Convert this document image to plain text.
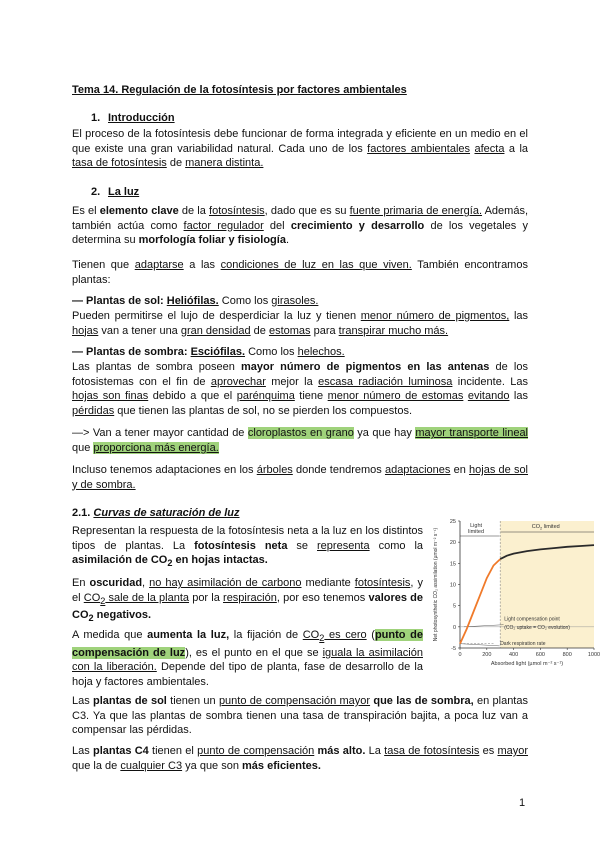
Tema 14. Regulación de la fotosíntesis por factores ambientales
1. Introducción
El proceso de la fotosíntesis debe funcionar de forma integrada y eficiente en un medio en el que existe una gran variabilidad natural. Cada uno de los factores ambientales afecta a la tasa de fotosíntesis de manera distinta.
2. La luz
Es el elemento clave de la fotosíntesis, dado que es su fuente primaria de energía. Además, también actúa como factor regulador del crecimiento y desarrollo de los vegetales y determina su morfología foliar y fisiología.
Tienen que adaptarse a las condiciones de luz en las que viven. También encontramos plantas:
— Plantas de sol: Heliófilas. Como los girasoles.
Pueden permitirse el lujo de desperdiciar la luz y tienen menor número de pigmentos, las hojas van a tener una gran densidad de estomas para transpirar mucho más.
— Plantas de sombra: Esciófilas. Como los helechos.
Las plantas de sombra poseen mayor número de pigmentos en las antenas de los fotosistemas con el fin de aprovechar mejor la escasa radiación luminosa incidente. Las hojas son finas debido a que el parénquima tiene menor número de estomas evitando las pérdidas que tienen las plantas de sol, no se pierden los compuestos.
—> Van a tener mayor cantidad de cloroplastos en grano ya que hay mayor transporte lineal que proporciona más energía.
Incluso tenemos adaptaciones en los árboles donde tendremos adaptaciones en hojas de sol y de sombra.
2.1. Curvas de saturación de luz
Representan la respuesta de la fotosíntesis neta a la luz en los distintos tipos de plantas. La fotosíntesis neta se representa como la asimilación de $CO_2$ en hojas intactas.
En oscuridad, no hay asimilación de carbono mediante fotosíntesis, y el $CO_2$ sale de la planta por la respiración, por eso tenemos valores de $CO_2$ negativos.
A medida que aumenta la luz, la fijación de $CO_2$ es cero (punto de compensación de luz), es el punto en el que se iguala la asimilación con la liberación. Depende del tipo de planta, fase de desarrollo de la hoja y factores ambientales.
Las plantas de sol tienen un punto de compensación mayor que las de sombra, en plantas C3. Ya que las plantas de sombra tienen una tasa de transpiración bajita, a poca luz van a compensar las pérdidas.
Las plantas C4 tienen el punto de compensación más alto. La tasa de fotosíntesis es mayor que la de cualquier C3 ya que son más eficientes.
-5
0
5
10
15
20
25
0	200	400	600	800	1000
Light
limited
$CO_2$ limited
Light compensation point
(CO₂ uptake = CO₂ evolution)
Dark respiration rate
Absorbed light (µmol m⁻² s⁻¹)
Net photosynthetic CO₂ assimilation (µmol m⁻² s⁻¹)
1
